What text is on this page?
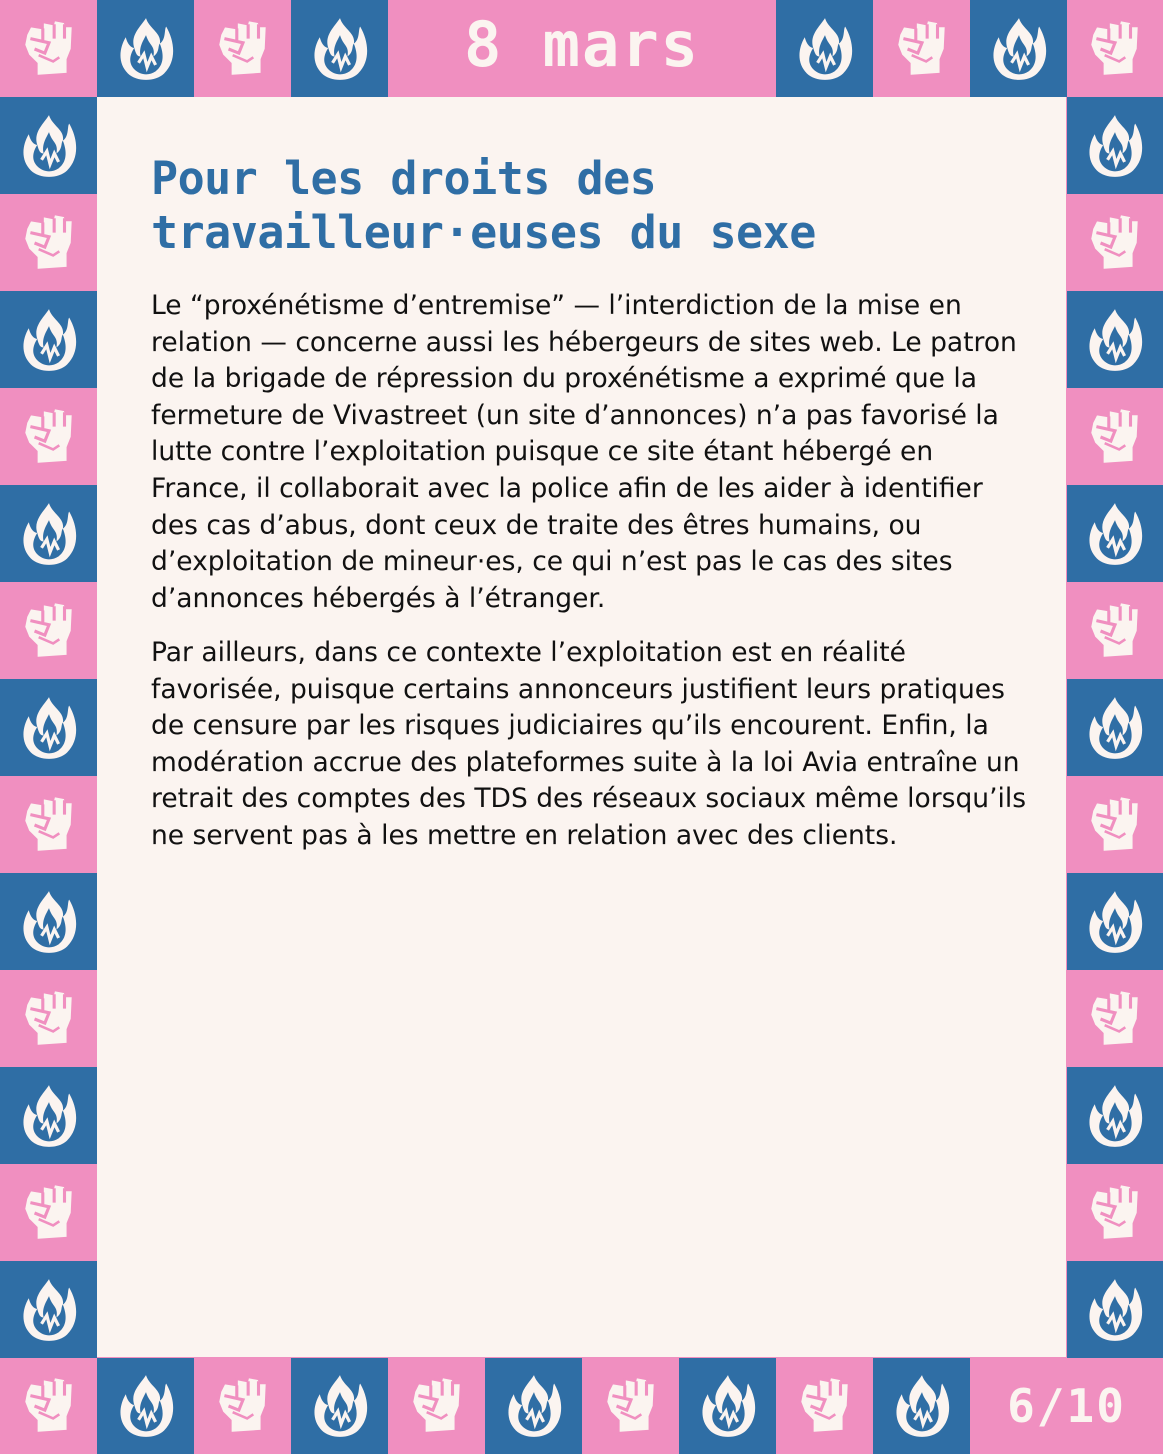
8 mars
6/10
Pour les droits des
travailleur·euses du sexe

Le “proxénétisme d’entremise” — l’interdiction de la mise en
relation — concerne aussi les hébergeurs de sites web. Le patron
de la brigade de répression du proxénétisme a exprimé que la
fermeture de Vivastreet (un site d’annonces) n’a pas favorisé la
lutte contre l’exploitation puisque ce site étant hébergé en
France, il collaborait avec la police afin de les aider à identifier
des cas d’abus, dont ceux de traite des êtres humains, ou
d’exploitation de mineur·es, ce qui n’est pas le cas des sites
d’annonces hébergés à l’étranger.

Par ailleurs, dans ce contexte l’exploitation est en réalité
favorisée, puisque certains annonceurs justifient leurs pratiques
de censure par les risques judiciaires qu’ils encourent. Enfin, la
modération accrue des plateformes suite à la loi Avia entraîne un
retrait des comptes des TDS des réseaux sociaux même lorsqu’ils
ne servent pas à les mettre en relation avec des clients.
